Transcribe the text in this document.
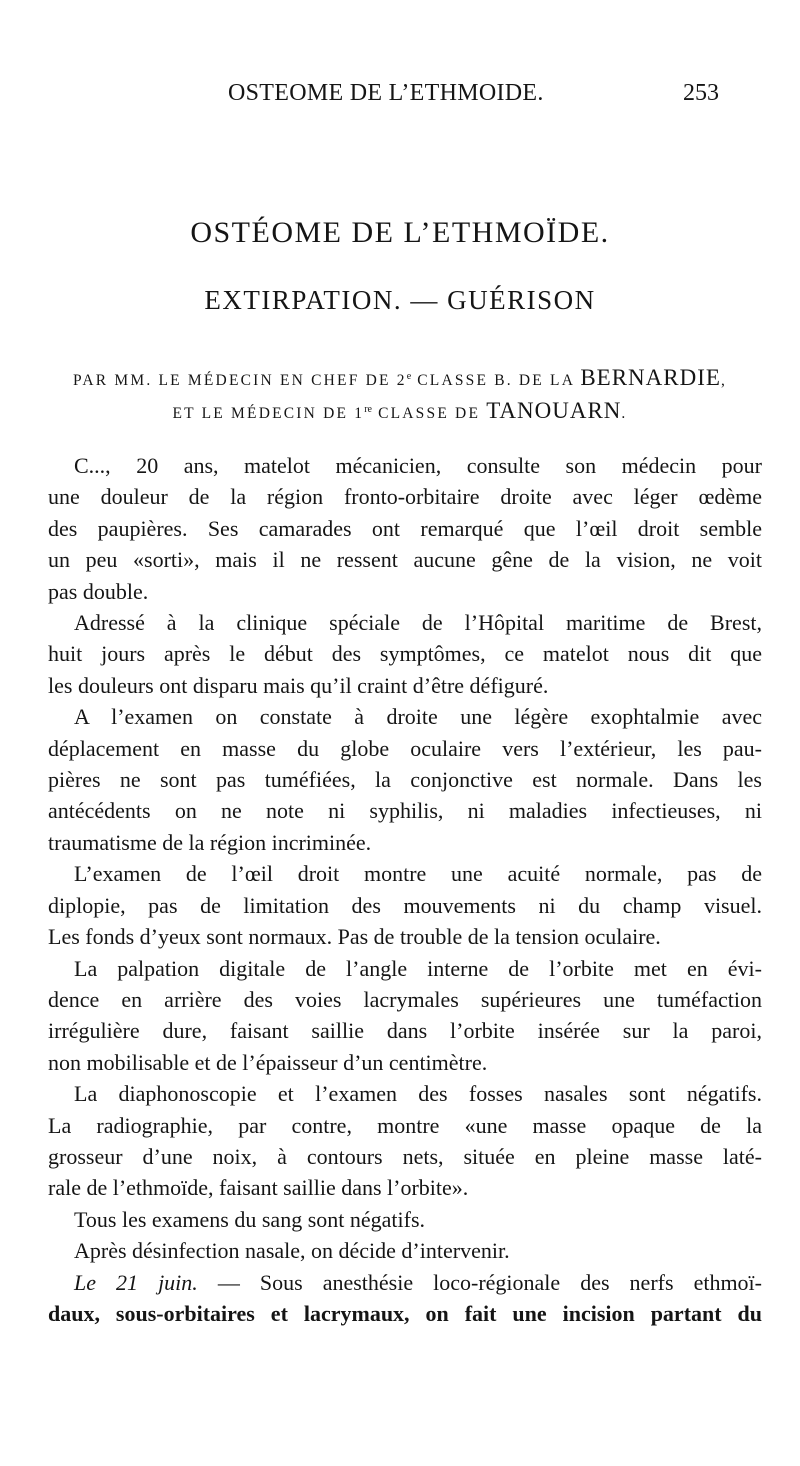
OSTEOME DE L’ETHMOIDE.	253
OSTÉOME DE L’ETHMOÏDE.
EXTIRPATION. — GUÉRISON
PAR MM. LE MÉDECIN EN CHEF DE 2e CLASSE B. DE LA BERNARDIE,
ET LE MÉDECIN DE 1re CLASSE DE TANOUARN.
C..., 20 ans, matelot mécanicien, consulte son médecin pour
une douleur de la région fronto-orbitaire droite avec léger œdème
des paupières. Ses camarades ont remarqué que l’œil droit semble
un peu «sorti», mais il ne ressent aucune gêne de la vision, ne voit
pas double.
Adressé à la clinique spéciale de l’Hôpital maritime de Brest,
huit jours après le début des symptômes, ce matelot nous dit que
les douleurs ont disparu mais qu’il craint d’être défiguré.
A l’examen on constate à droite une légère exophtalmie avec
déplacement en masse du globe oculaire vers l’extérieur, les pau-
pières ne sont pas tuméfiées, la conjonctive est normale. Dans les
antécédents on ne note ni syphilis, ni maladies infectieuses, ni
traumatisme de la région incriminée.
L’examen de l’œil droit montre une acuité normale, pas de
diplopie, pas de limitation des mouvements ni du champ visuel.
Les fonds d’yeux sont normaux. Pas de trouble de la tension oculaire.
La palpation digitale de l’angle interne de l’orbite met en évi-
dence en arrière des voies lacrymales supérieures une tuméfaction
irrégulière dure, faisant saillie dans l’orbite insérée sur la paroi,
non mobilisable et de l’épaisseur d’un centimètre.
La diaphonoscopie et l’examen des fosses nasales sont négatifs.
La radiographie, par contre, montre «une masse opaque de la
grosseur d’une noix, à contours nets, située en pleine masse laté-
rale de l’ethmoïde, faisant saillie dans l’orbite».
Tous les examens du sang sont négatifs.
Après désinfection nasale, on décide d’intervenir.
Le 21 juin. — Sous anesthésie loco-régionale des nerfs ethmoï-
daux, sous-orbitaires et lacrymaux, on fait une incision partant du
